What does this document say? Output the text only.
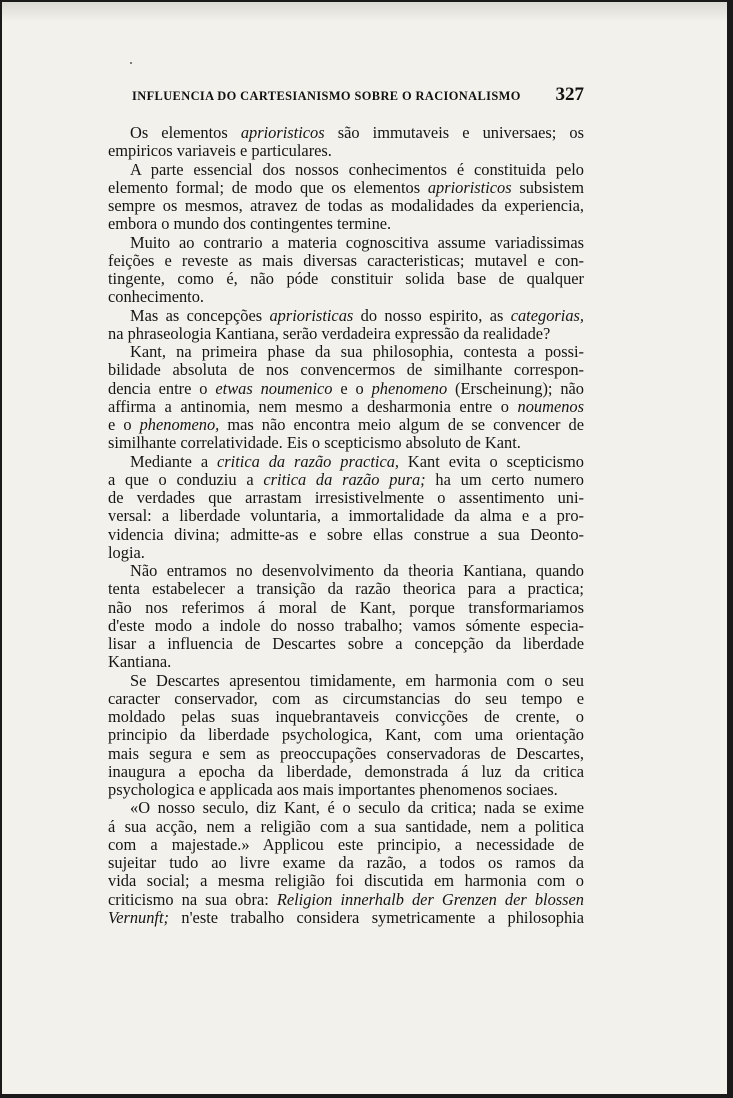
INFLUENCIA DO CARTESIANISMO SOBRE O RACIONALISMO 327
Os elementos aprioristicos são immutaveis e universaes; os
empiricos variaveis e particulares.
A parte essencial dos nossos conhecimentos é constituida pelo
elemento formal; de modo que os elementos aprioristicos subsistem
sempre os mesmos, atravez de todas as modalidades da experiencia,
embora o mundo dos contingentes termine.
Muito ao contrario a materia cognoscitiva assume variadissimas
feições e reveste as mais diversas caracteristicas; mutavel e con-
tingente, como é, não póde constituir solida base de qualquer
conhecimento.
Mas as concepções aprioristicas do nosso espirito, as categorias,
na phraseologia Kantiana, serão verdadeira expressão da realidade?
Kant, na primeira phase da sua philosophia, contesta a possi-
bilidade absoluta de nos convencermos de similhante correspon-
dencia entre o etwas noumenico e o phenomeno (Erscheinung); não
affirma a antinomia, nem mesmo a desharmonia entre o noumenos
e o phenomeno, mas não encontra meio algum de se convencer de
similhante correlatividade. Eis o scepticismo absoluto de Kant.
Mediante a critica da razão practica, Kant evita o scepticismo
a que o conduziu a critica da razão pura; ha um certo numero
de verdades que arrastam irresistivelmente o assentimento uni-
versal: a liberdade voluntaria, a immortalidade da alma e a pro-
videncia divina; admitte-as e sobre ellas construe a sua Deonto-
logia.
Não entramos no desenvolvimento da theoria Kantiana, quando
tenta estabelecer a transição da razão theorica para a practica;
não nos referimos á moral de Kant, porque transformariamos
d'este modo a indole do nosso trabalho; vamos sómente especia-
lisar a influencia de Descartes sobre a concepção da liberdade
Kantiana.
Se Descartes apresentou timidamente, em harmonia com o seu
caracter conservador, com as circumstancias do seu tempo e
moldado pelas suas inquebrantaveis convicções de crente, o
principio da liberdade psychologica, Kant, com uma orientação
mais segura e sem as preoccupações conservadoras de Descartes,
inaugura a epocha da liberdade, demonstrada á luz da critica
psychologica e applicada aos mais importantes phenomenos sociaes.
«O nosso seculo, diz Kant, é o seculo da critica; nada se exime
á sua acção, nem a religião com a sua santidade, nem a politica
com a majestade.» Applicou este principio, a necessidade de
sujeitar tudo ao livre exame da razão, a todos os ramos da
vida social; a mesma religião foi discutida em harmonia com o
criticismo na sua obra: Religion innerhalb der Grenzen der blossen
Vernunft; n'este trabalho considera symetricamente a philosophia
